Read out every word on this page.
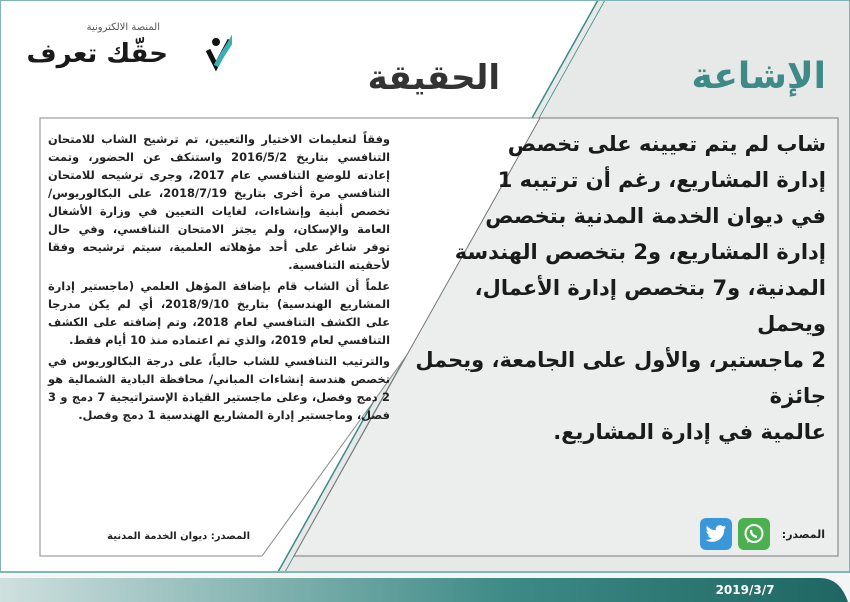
المنصة الالكترونية
حقّك تعرف
الحقيقة	الإشاعة

وفقاً لتعليمات الاختيار والتعيين، تم ترشيح الشاب للامتحان التنافسي بتاريخ 2016/5/2 واستنكف عن الحضور، وتمت إعادته للوضع التنافسي عام 2017، وجرى ترشيحه للامتحان التنافسي مرة أخرى بتاريخ 2018/7/19، على البكالوريوس/ تخصص أبنية وإنشاءات، لغايات التعيين في وزارة الأشغال العامة والإسكان، ولم يجتز الامتحان التنافسي، وفي حال توفر شاغر على أحد مؤهلاته العلمية، سيتم ترشيحه وفقا لأحقيته التنافسية.

علماً أن الشاب قام بإضافة المؤهل العلمي (ماجستير إدارة المشاريع الهندسية) بتاريخ 2018/9/10، أي لم يكن مدرجا على الكشف التنافسي لعام 2018، وتم إضافته على الكشف التنافسي لعام 2019، والذي تم اعتماده منذ 10 أيام فقط.

والترتيب التنافسي للشاب حالياً، على درجة البكالوريوس في تخصص هندسة إنشاءات المباني/ محافظة البادية الشمالية هو 2 دمج وفصل، وعلى ماجستير القيادة الإستراتيجية 7 دمج و 3 فصل، وماجستير إدارة المشاريع الهندسية 1 دمج وفصل.

المصدر: ديوان الخدمة المدنية
شاب لم يتم تعيينه على تخصص
إدارة المشاريع، رغم أن ترتيبه 1
في ديوان الخدمة المدنية بتخصص
إدارة المشاريع، و2 بتخصص الهندسة
المدنية، و7 بتخصص إدارة الأعمال، ويحمل
2 ماجستير، والأول على الجامعة، ويحمل جائزة
عالمية في إدارة المشاريع.
المصدر:
2019/3/7
